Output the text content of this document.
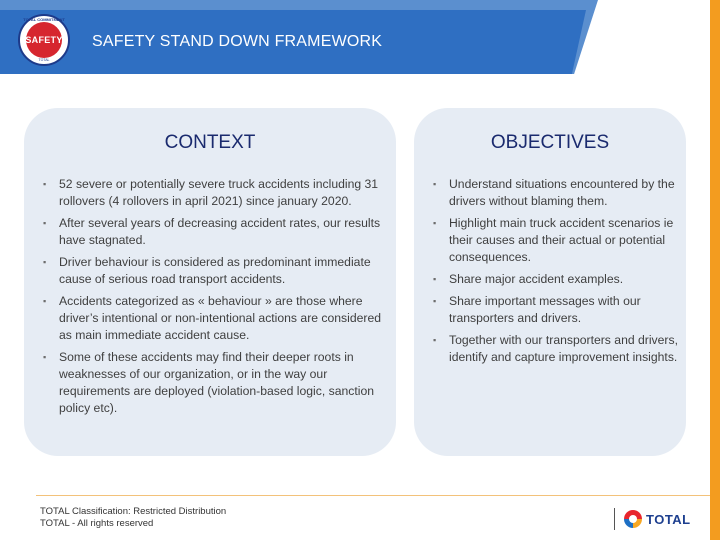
TOTAL COMMITMENT
SAFETY
TOTAL
SAFETY STAND DOWN FRAMEWORK
CONTEXT
▪ 52 severe or potentially severe truck accidents including 31 rollovers (4 rollovers in april 2021) since january 2020.
▪ After several years of decreasing accident rates, our results have stagnated.
▪ Driver behaviour is considered as predominant immediate cause of serious road transport accidents.
▪ Accidents categorized as « behaviour » are those where driver’s intentional or non-intentional actions are considered as main immediate accident cause.
▪ Some of these accidents may find their deeper roots in weaknesses of our organization, or in the way our requirements are deployed (violation-based logic, sanction policy etc).
OBJECTIVES
▪ Understand situations encountered by the drivers without blaming them.
▪ Highlight main truck accident scenarios ie their causes and their actual or potential consequences.
▪ Share major accident examples.
▪ Share important messages with our transporters and drivers.
▪ Together with our transporters and drivers, identify and capture improvement insights.
TOTAL Classification: Restricted Distribution
TOTAL - All rights reserved	TOTAL
